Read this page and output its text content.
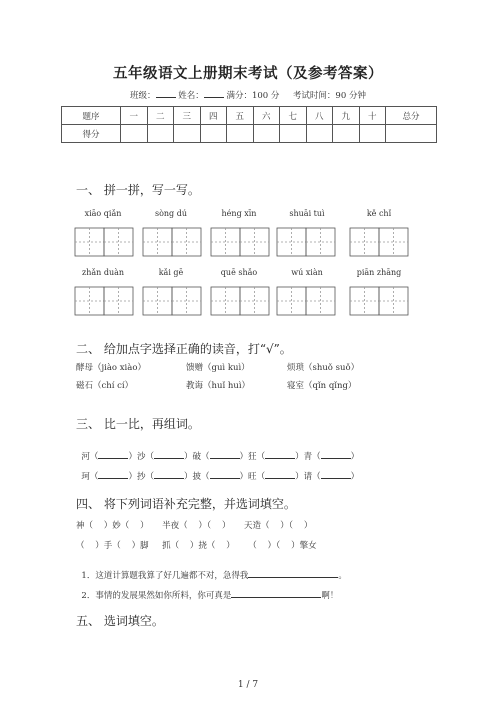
五年级语文上册期末考试（及参考答案）
班级：	姓名：	满分：100 分 考试时间：90 分钟
题序	一	二	三	四	五	六	七	八	九	十	总分
得分											
一、 拼一拼，写一写。
xiāo qiǎn	sòng dú	héng xīn	shuāi tuì	kě chǐ
zhǎn duàn	kǎi gē	quē shǎo	wú xiàn	piān zhāng
二、 给加点字选择正确的读音，打“√”。
酵母（jiào xiào）	馈赠（guì kuì）	烦琐（shuǒ suǒ）
磁石（chí cí）	教诲（huǐ huì）	寝室（qǐn qǐng）
三、 比一比，再组词。

河（	）沙（	）破（	）狂（	）青（	）

珂（	）抄（	）披（	）旺（	）请（	）

四、 将下列词语补充完整，并选词填空。
神（    ）妙（    ）     半夜（    ）（    ）     天造（    ）（    ）
（    ）手（    ）脚     抓（    ）挠（    ）     （    ）（    ）擎女

1．这道计算题我算了好几遍都不对，急得我	。

2．事情的发展果然如你所料，你可真是	啊！

五、 选词填空。
1 / 7
